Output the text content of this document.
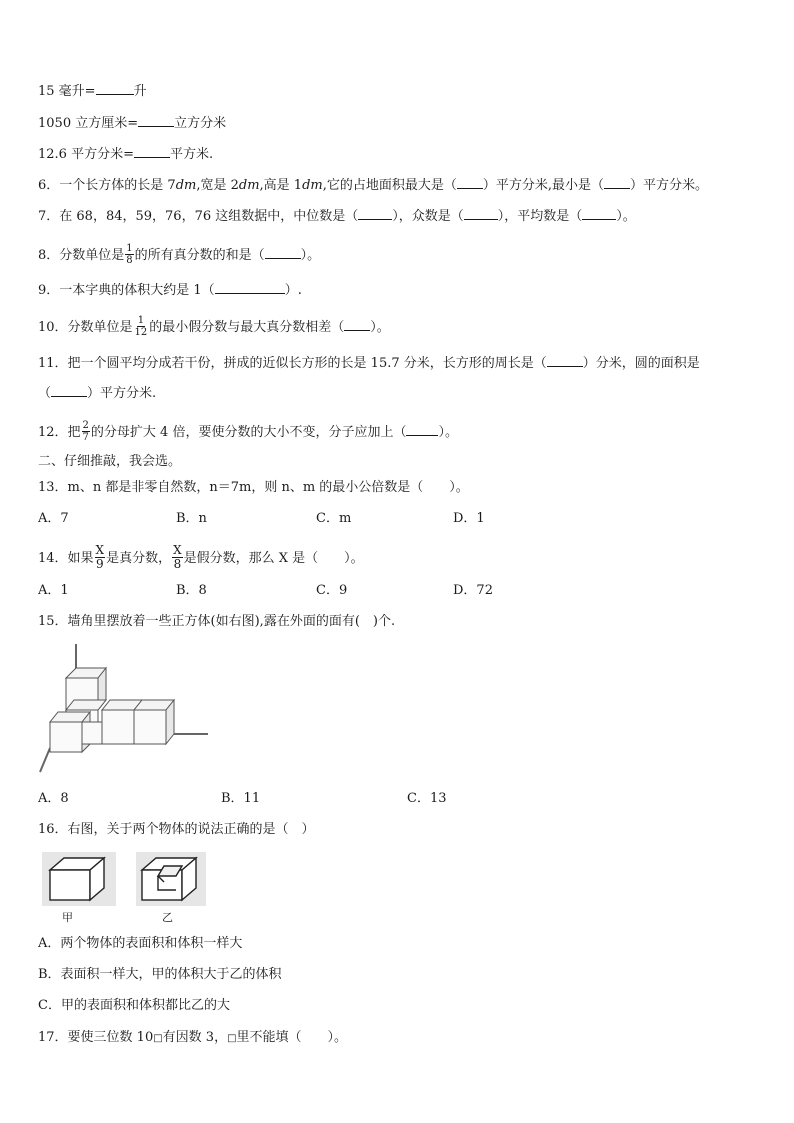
15 毫升=	升
1050 立方厘米=	立方分米
12.6 平方分米=	平方米.
6．一个长方体的长是 7dm,宽是 2dm,高是 1dm,它的占地面积最大是（ ）平方分米,最小是（ ）平方分米。
7．在 68，84，59，76，76 这组数据中，中位数是（	），众数是（	），平均数是（	）。
8．分数单位是 $\frac{1}{8}$ 的所有真分数的和是（	）。
9．一本字典的体积大约是 1（	）.
10．分数单位是 $\frac{1}{12}$ 的最小假分数与最大真分数相差（ ）。
11．把一个圆平均分成若干份，拼成的近似长方形的长是 15.7 分米，长方形的周长是（	）分米，圆的面积是
（	）平方分米.
12．把 $\frac{2}{7}$ 的分母扩大 4 倍，要使分数的大小不变，分子应加上（ ）。
二、仔细推敲，我会选。
13．m、n 都是非零自然数，n＝7m，则 n、m 的最小公倍数是（　　）。
A．7	B．n	C．m	D．1
14．如果 $\frac{X}{9}$ 是真分数， $\frac{X}{8}$ 是假分数，那么 X 是（　　）。
A．1	B．8	C．9	D．72
15．墙角里摆放着一些正方体(如右图),露在外面的面有(　)个.
A．8	B．11	C．13
16．右图，关于两个物体的说法正确的是（　）
甲	乙
A．两个物体的表面积和体积一样大
B．表面积一样大，甲的体积大于乙的体积
C．甲的表面积和体积都比乙的大
17．要使三位数 10□有因数 3，□里不能填（　　）。
